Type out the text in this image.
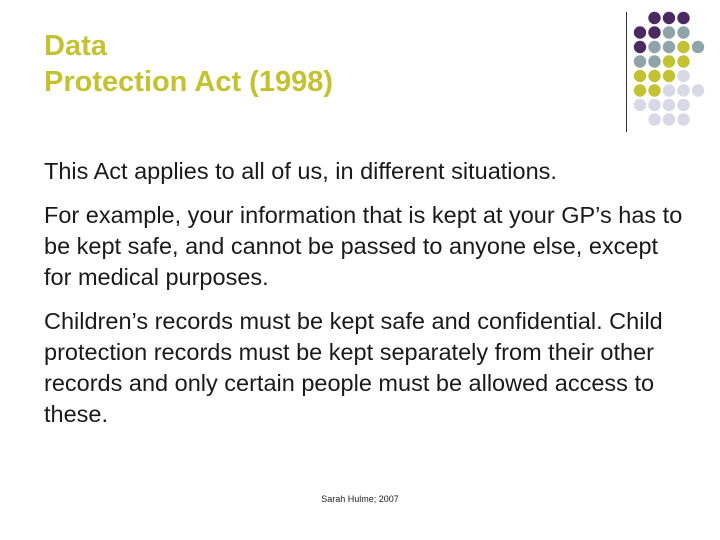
Data
Protection Act (1998)

This Act applies to all of us, in different situations.

For example, your information that is kept at your GP’s has to be kept safe, and cannot be passed to anyone else, except for medical purposes.

Children’s records must be kept safe and confidential. Child protection records must be kept separately from their other records and only certain people must be allowed access to these.

Sarah Hulme; 2007
